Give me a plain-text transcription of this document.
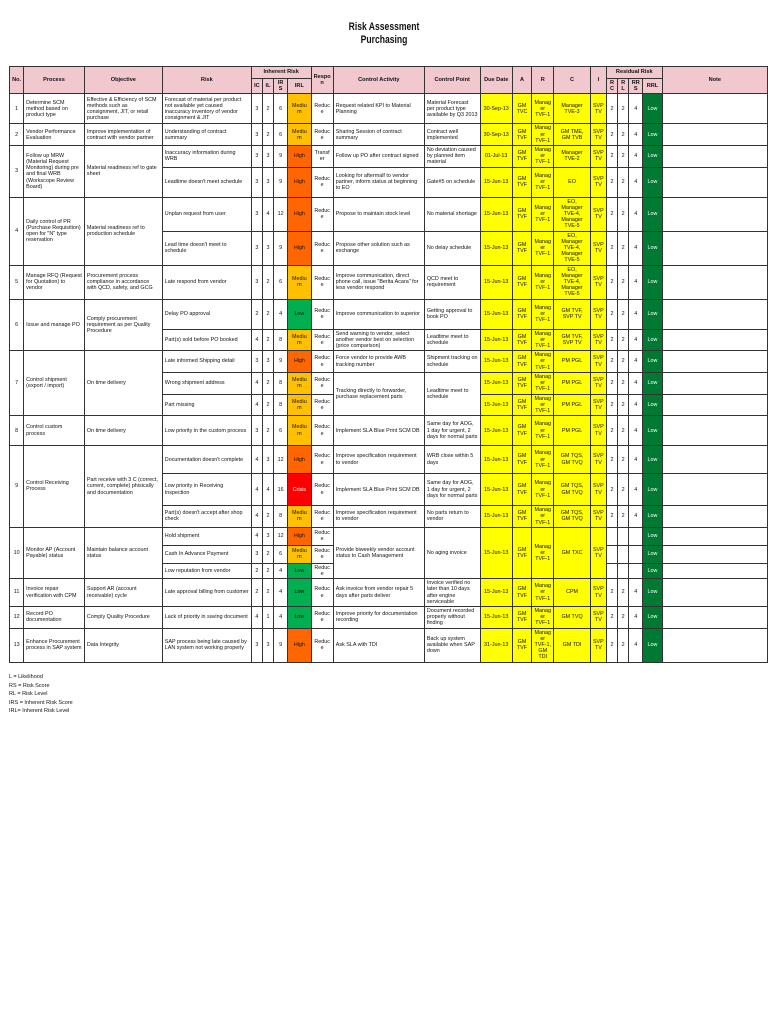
Risk Assessment
Purchasing
No.	Process	Objective	Risk	Inherent Risk				Respon	Control Activity	Control Point	Due Date	A	R	C	I	Residual Risk				Note
				IC	IL	IRS	IRL									RC	RL	RRS	RRL	
1	Determine SCM method based on product type	Effective & Efficiency of SCM methods such as consignment, JIT, or retail purchase	Forecast of material per product not available yet caused inaccuracy inventory of vendor consignment & JIT	3	2	6	Medium	Reduce	Request related KPI to Material Planning	Material Forecast per product type available by Q3 2013	30-Sep-13	GM TVC	Manager TVF-1	Manager TVE-3	SVP TV	2	2	4	Low	
2	Vendor Performance Evaluation	Improve implementation of contract with vendor partner	Understanding of contract summary	3	2	6	Medium	Reduce	Sharing Session of contract summary	Contract well implemented	30-Sep-13	GM TVF	Manager TVF-1	GM TME, GM TVB	SVP TV	2	2	4	Low	
3	Follow up MRW (Material Request Monitoring) during pre and final WRB (Workscope Review Board)	Material readiness ref to gate sheet	Inaccuracy information during WRB	3	3	9	High	Transfer	Follow up PO after contract signed	No deviation caused by planned item material	01-Jul-13	GM TVF	Manager TVF-1	Manager TVE-2	SVP TV	2	2	4	Low	
			Leadtime doesn't meet schedule	3	3	9	High	Reduce	Looking for aftermalf to vendor partner, inform status at beginning to EO	Gate#5 on schedule	15-Jun-13	GM TVF	Manager TVF-1	EO	SVP TV	2	2	4	Low	
4	Daily control of PR (Purchase Requisition) open for "N" type reservation	Material readiness ref to production schedule	Unplan request from user	3	4	12	High	Reduce	Propose to maintain stock level	No material shortage	15-Jun-13	GM TVF	Manager TVF-1	EO, Manager TVE-4, Manager TVE-5	SVP TV	2	2	4	Low	
			Lead time doesn't meet to schedule	3	3	9	High	Reduce	Propose other solution such as exchange	No delay schedule	15-Jun-13	GM TVF	Manager TVF-1	EO, Manager TVE-4, Manager TVE-5	SVP TV	2	2	4	Low	
5	Manage RFQ (Request for Quotation) to vendor	Procurement process compliance in accordance with QCD, safety, and GCG	Late respond from vendor	3	2	6	Medium	Reduce	Improve communication, direct phone call, issue "Berita Acara" for less vendor respond	QCD meet to requirement	15-Jun-13	GM TVF	Manager TVF-1	EO, Manager TVE-4, Manager TVE-5	SVP TV	2	2	4	Low	
6	Issue and manage PO	Comply procurement requirement as per Quality Procedure	Delay PO approval	2	2	4	Low	Reduce	Improve communication to superior	Getting approval to book PO	15-Jun-13	GM TVF	Manager TVF-1	GM TVF, SVP TV	SVP TV	2	2	4	Low	
			Part(s) sold before PO booked	4	2	8	Medium	Reduce	Send warning to vendor, select another vendor best on selection (price comparison)	Leadtime meet to schedule	15-Jun-13	GM TVF	Manager TVF-1	GM TVF, SVP TV	SVP TV	2	2	4	Low	
7	Control shipment (export / import)	On time delivery	Late informed Shipping detail	3	3	9	High	Reduce	Force vendor to provide AWB tracking number	Shipment tracking on schedule	15-Jun-13	GM TVF	Manager TVF-1	PM PGL	SVP TV	2	2	4	Low	
			Wrong shipment address	4	2	8	Medium	Reduce	Tracking directly to forwarder, purchase replacement parts	Leadtime meet to schedule	15-Jun-13	GM TVF	Manager TVF-1	PM PGL	SVP TV	2	2	4	Low	
			Part missing	4	2	8	Medium	Reduce			15-Jun-13	GM TVF	Manager TVF-1	PM PGL	SVP TV	2	2	4	Low	
8	Control custom process	On time delivery	Low priority in the custom process	3	2	6	Medium	Reduce	Implement SLA Blue Print SCM DB	Same day for AOG, 1 day for urgent, 2 days for normal parts	15-Jun-13	GM TVF	Manager TVF-1	PM PGL	SVP TV	2	2	4	Low	
9	Control Receiving Process	Part receive with 3 C (correct, current, complete) phisically and documentation	Documentation doesn't complete	4	3	12	High	Reduce	Improve specification requirement to vendor	WRB close within 5 days	15-Jun-13	GM TVF	Manager TVF-1	GM TQS, GM TVQ	SVP TV	2	2	4	Low	
			Low priority in Receiving Inspection	4	4	16	Crisis	Reduce	Implement SLA Blue Print SCM DB	Same day for AOG, 1 day for urgent, 2 days for normal parts	15-Jun-13	GM TVF	Manager TVF-1	GM TQS, GM TVQ	SVP TV	2	2	4	Low	
			Part(s) doesn't accept after shop check	4	2	8	Medium	Reduce	Improve specification requirement to vendor	No parts return to vendor	15-Jun-13	GM TVF	Manager TVF-1	GM TQS, GM TVQ	SVP TV	2	2	4	Low	
10	Monitor AP (Account Payable) status	Maintain balance account status	Hold shipment	4	3	12	High	Reduce	Provide biweekly vendor account status to Cash Management	No aging invoice	15-Jun-13	GM TVF	Manager TVF-1	GM TXC	SVP TV				Low	
			Cash In Advance Payment	3	2	6	Medium	Reduce											Low	
			Low reputation from vendor	2	2	4	Low	Reduce											Low	
11	Invoice repair verification with CPM	Support AR (account receivable) cycle	Late approval billing from customer	2	2	4	Low	Reduce	Ask invoice from vendor repair 5 days after parts deliver	Invoice verified no later than 10 days after engine serviceable	15-Jun-13	GM TVF	Manager TVF-1	CPM	SVP TV	2	2	4	Low	
12	Record PO documentation	Comply Quality Procedure	Lack of priority in saving document	4	1	4	Low	Reduce	Improve priority for documentation recording	Document recorded properly without finding	15-Jun-13	GM TVF	Manager TVF-1	GM TVQ	SVP TV	2	2	4	Low	
13	Enhance Procurement process in SAP system	Data Integrity	SAP process being late caused by LAN system not working properly	3	3	9	High	Reduce	Ask SLA with TDI	Back up system available when SAP down	31-Jun-13	GM TVF	Manager TVF-1, GM TDI	GM TDI	SVP TV	2	2	4	Low	
L = Likelihood
RS = Risk Score
RL = Risk Level
IRS = Inherent Risk Score
IRL= Inherent Risk Level
